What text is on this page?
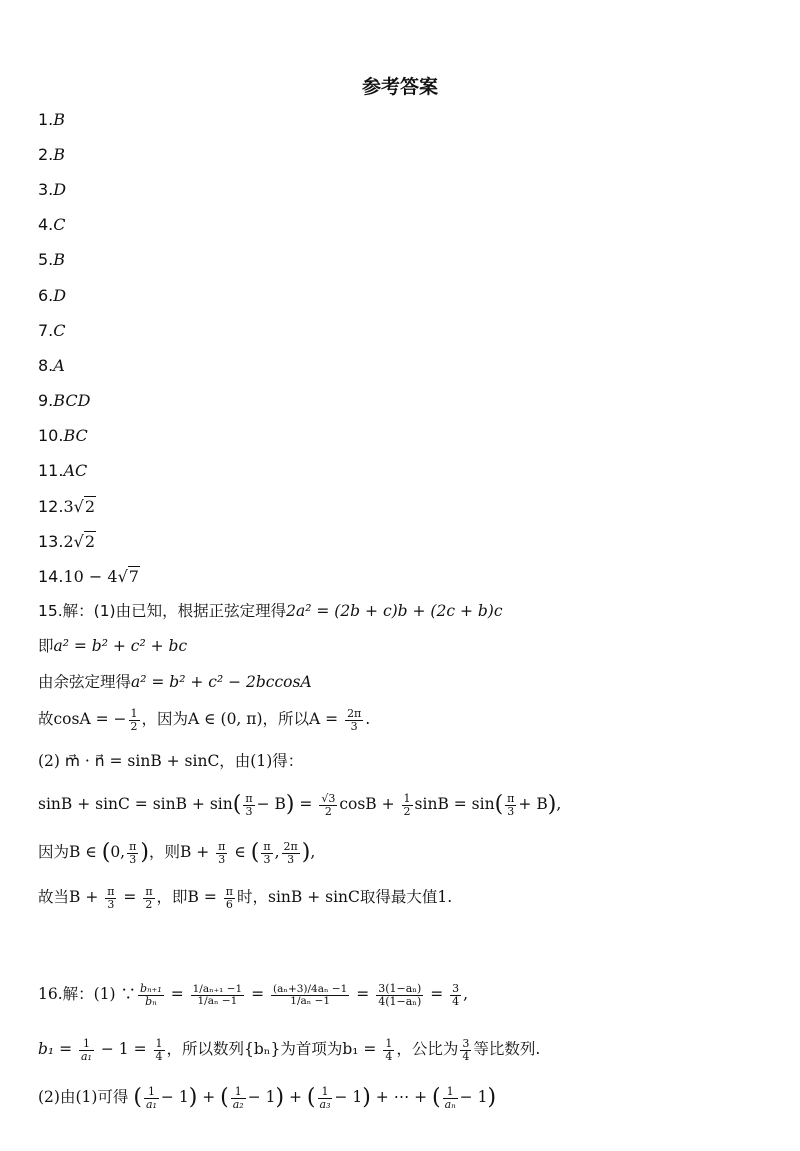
参考答案
1.B
2.B
3.D
4.C
5.B
6.D
7.C
8.A
9.BCD
10.BC
11.AC
12.3√2
13.2√2
14.10 − 4√7
15.解：(1)由已知，根据正弦定理得2a² = (2b + c)b + (2c + b)c
即a² = b² + c² + bc
由余弦定理得a² = b² + c² − 2bccosA
故cosA = − $\frac{1}{2}$ ，因为A ∈ (0, π)，所以$A = \frac{2\pi}{3}$ .
(2) m⃗ · n⃗ = sinB + sinC，由(1)得：
$\sin B + \sin C = \sin B + \sin( \frac{\pi}{3} - B) = \frac{√3}{2}$ $\cos B + \frac{1}{2}$ $\sin B = \sin( \frac{\pi}{3} + B)$,
因为B ∈ (0, $\frac{\pi}{3}$ )，则$B + \frac{\pi}{3}$ ∈ ( $\frac{\pi}{3}$ , $\frac{2\pi}{3}$ ),
故当$B + \frac{\pi}{3} = \frac{\pi}{2}$ ，即$B = \frac{\pi}{6}$ 时，sinB + sinC取得最大值1.
16.解：(1) ∵ $\frac{\text{bₙ₊₁}}{\text{bₙ}} = \frac{\text{1/aₙ₊₁ −1}}{\text{1/aₙ −1}} = \frac{\text{(aₙ+3)/4aₙ −1}}{\text{1/aₙ −1}} = \frac{\text{3(1−aₙ)}}{\text{4(1−aₙ)}} = \frac{3}{4}$ ,
$b_1 = \frac{1}{\text{a₁}} - 1 = \frac{1}{4}$ ，所以数列{bₙ}为首项为$b_1 = \frac{1}{4}$ ，公比为 $\frac{3}{4}$ 等比数列.
(2)由(1)可得 ( $\frac{1}{\text{a₁}} - 1$) + ( $\frac{1}{\text{a₂}} - 1$) + ( $\frac{1}{\text{a₃}} - 1$) + ⋯ + ( $\frac{1}{\text{aₙ}} - 1$)
